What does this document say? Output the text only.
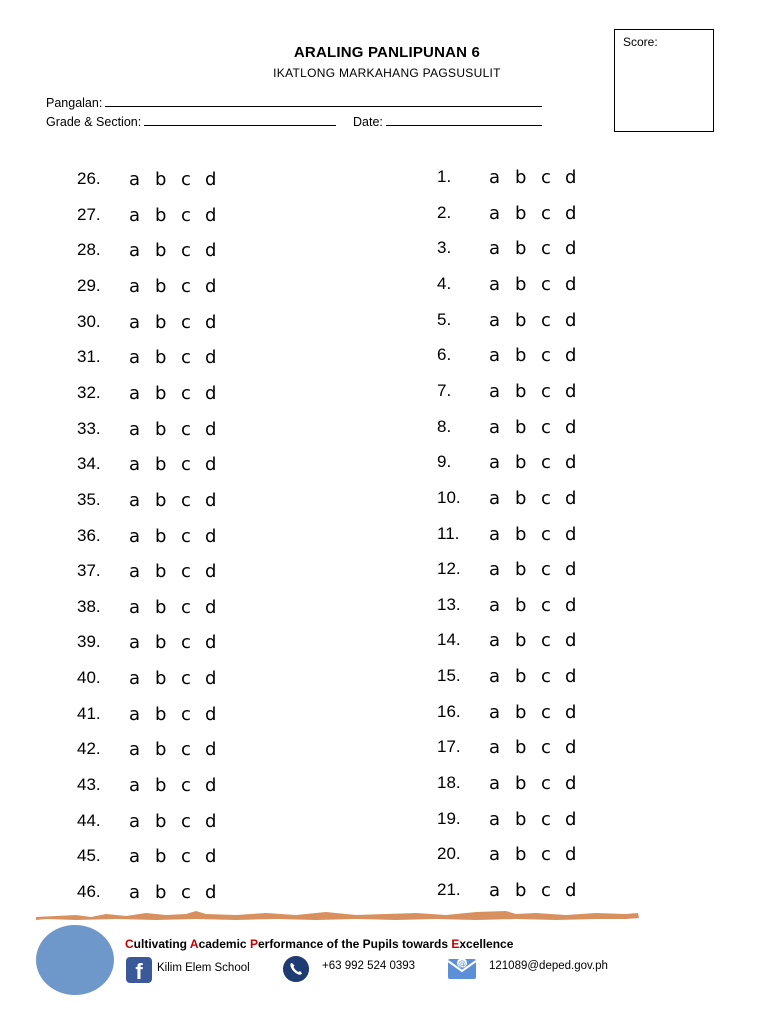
Score:
ARALING PANLIPUNAN 6
IKATLONG MARKAHANG PAGSUSULIT
Pangalan:
Grade & Section:	Date:
26. a b c d
27. a b c d
28. a b c d
29. a b c d
30. a b c d
31. a b c d
32. a b c d
33. a b c d
34. a b c d
35. a b c d
36. a b c d
37. a b c d
38. a b c d
39. a b c d
40. a b c d
41. a b c d
42. a b c d
43. a b c d
44. a b c d
45. a b c d
46. a b c d
1. a b c d
2. a b c d
3. a b c d
4. a b c d
5. a b c d
6. a b c d
7. a b c d
8. a b c d
9. a b c d
10. a b c d
11. a b c d
12. a b c d
13. a b c d
14. a b c d
15. a b c d
16. a b c d
17. a b c d
18. a b c d
19. a b c d
20. a b c d
21. a b c d
Cultivating Academic Performance of the Pupils towards Excellence
f	Kilim Elem School	+63 992 524 0393	@ 121089@deped.gov.ph
